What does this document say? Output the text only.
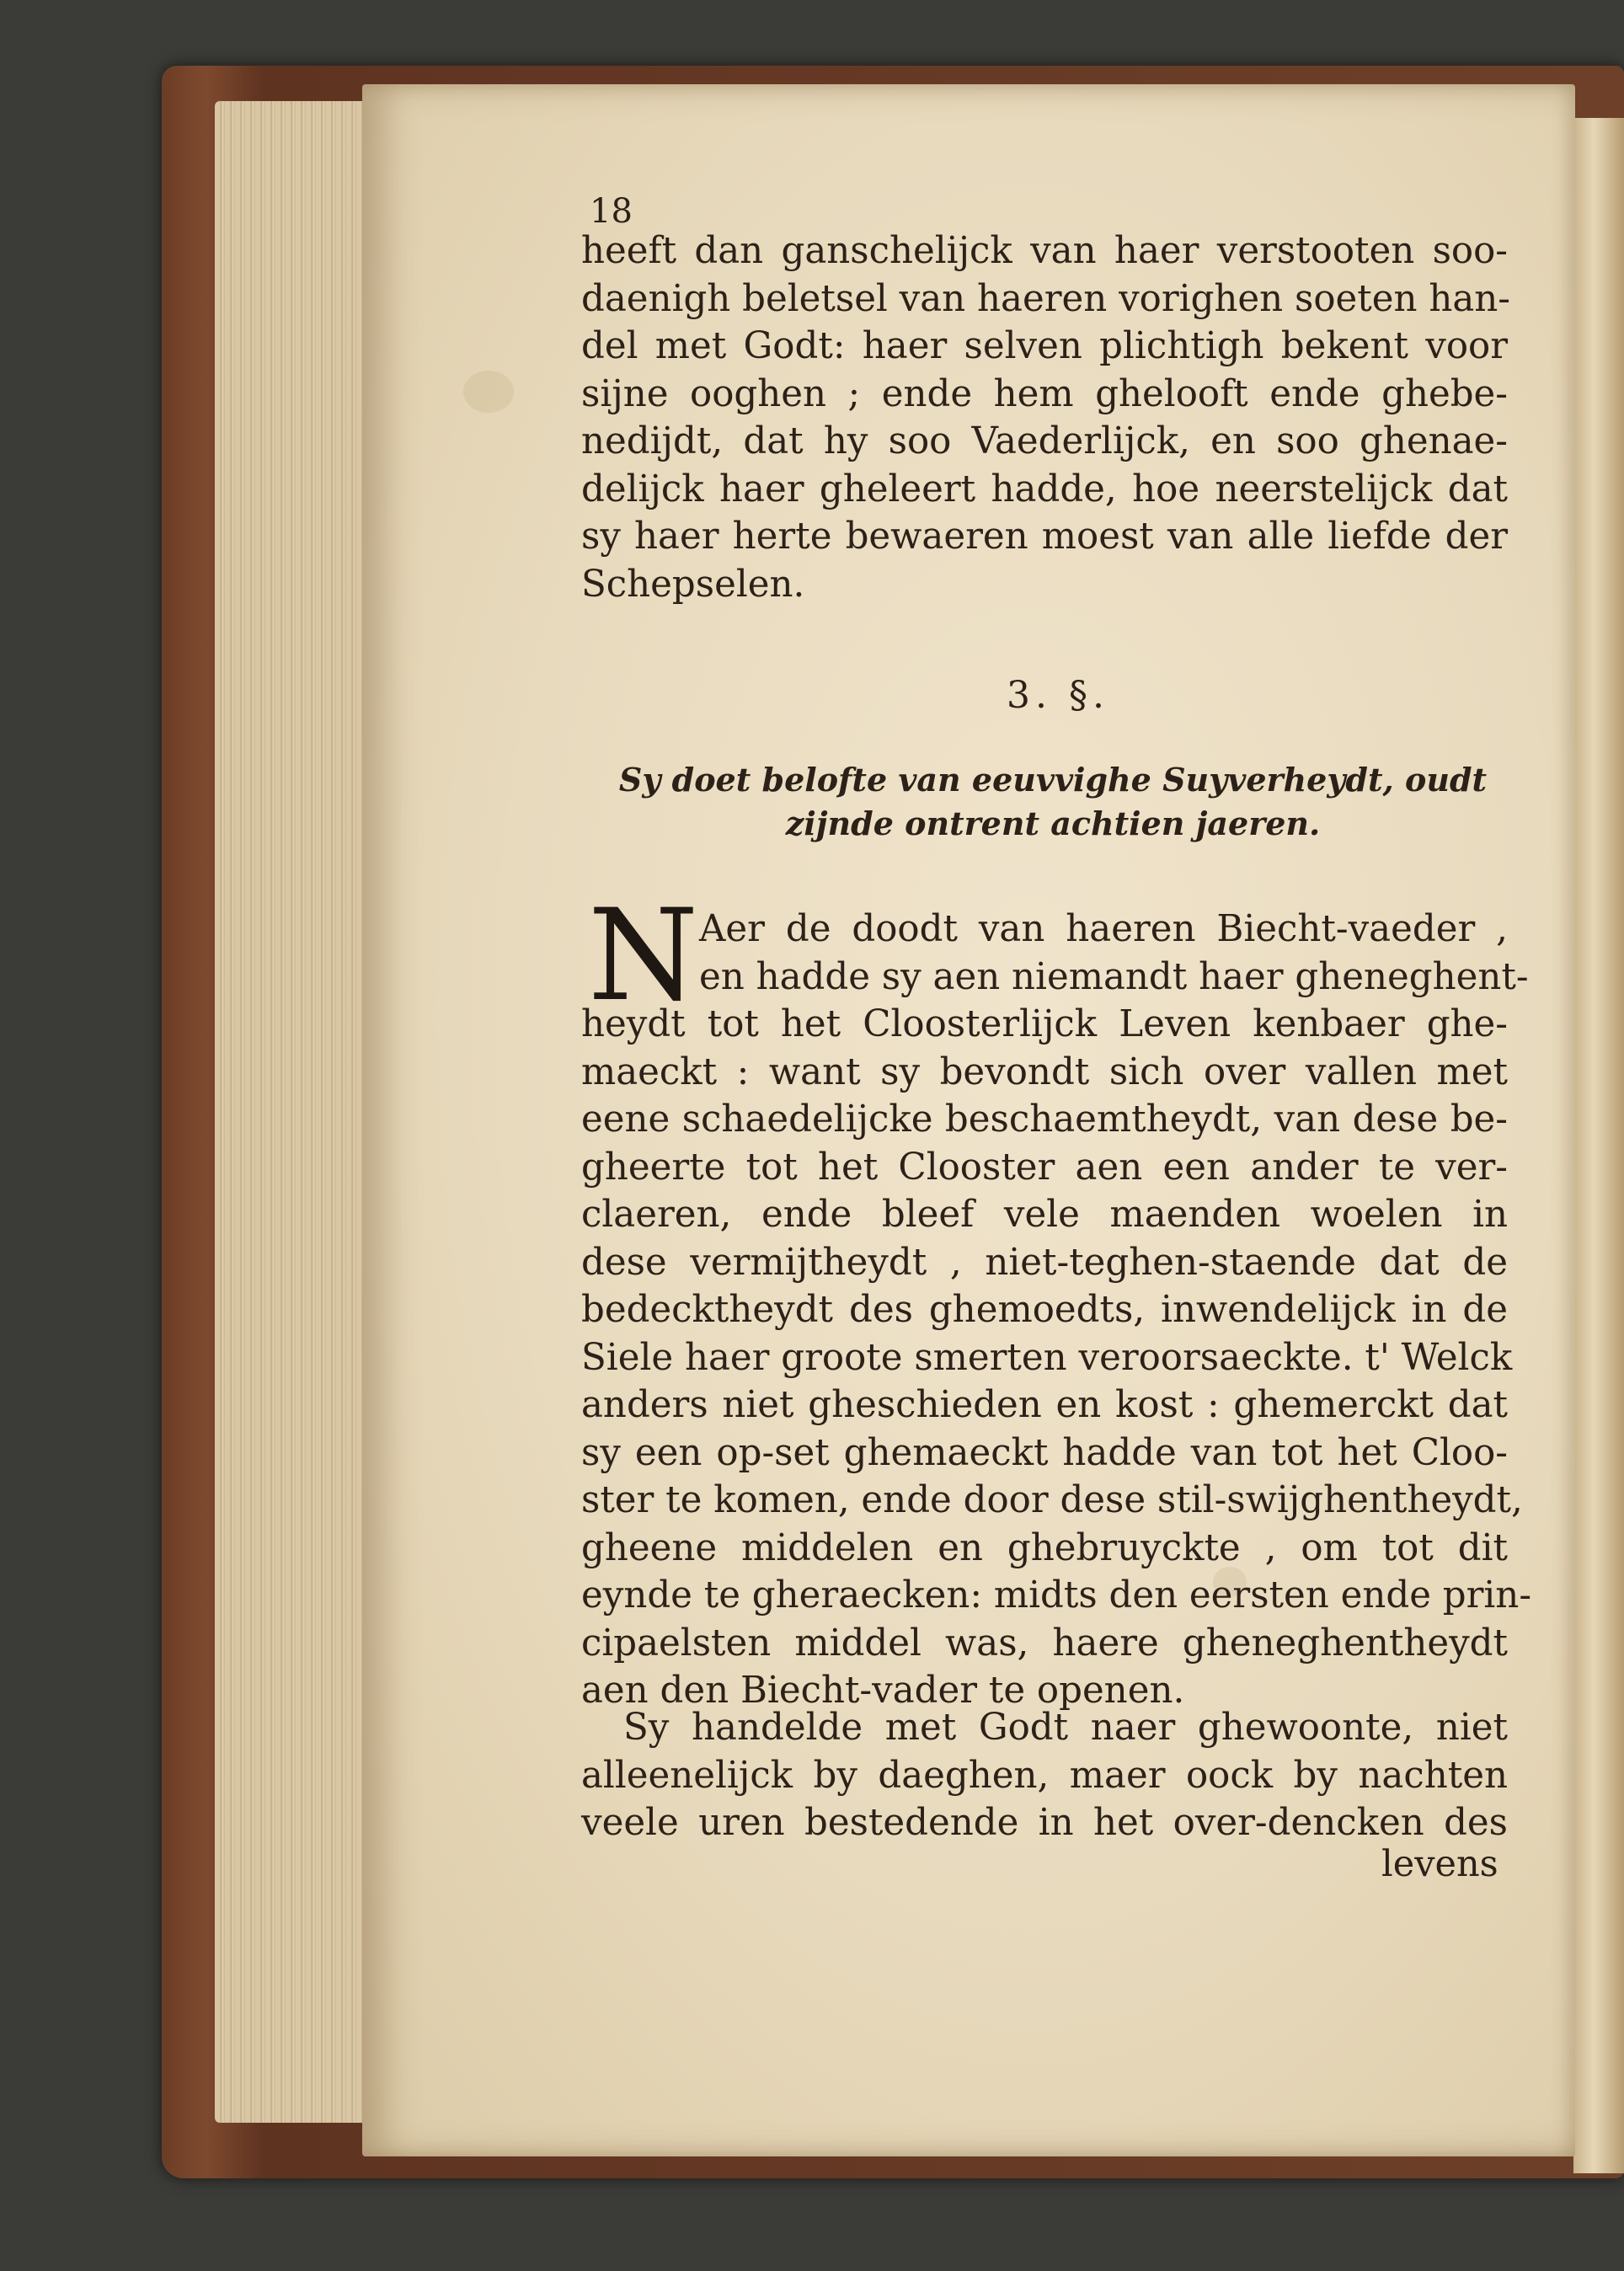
18
heeft dan ganschelijck van haer verstooten soo-
daenigh beletsel van haeren vorighen soeten han-
del met Godt: haer selven plichtigh bekent voor
sijne ooghen ; ende hem ghelooft ende ghebe-
nedijdt, dat hy soo Vaederlijck, en soo ghenae-
delijck haer gheleert hadde, hoe neerstelijck dat
sy haer herte bewaeren moest van alle liefde der
Schepselen.
3. §.
Sy doet belofte van eeuvvighe Suyverheydt, oudt
zijnde ontrent achtien jaeren.
N Aer de doodt van haeren Biecht-vaeder ,
en hadde sy aen niemandt haer gheneghent-
heydt tot het Cloosterlijck Leven kenbaer ghe-
maeckt : want sy bevondt sich over vallen met
eene schaedelijcke beschaemtheydt, van dese be-
gheerte tot het Clooster aen een ander te ver-
claeren, ende bleef vele maenden woelen in
dese vermijtheydt , niet-teghen-staende dat de
bedecktheydt des ghemoedts, inwendelijck in de
Siele haer groote smerten veroorsaeckte. t' Welck
anders niet gheschieden en kost : ghemerckt dat
sy een op-set ghemaeckt hadde van tot het Cloo-
ster te komen, ende door dese stil-swijghentheydt,
gheene middelen en ghebruyckte , om tot dit
eynde te gheraecken: midts den eersten ende prin-
cipaelsten middel was, haere gheneghentheydt
aen den Biecht-vader te openen.
Sy handelde met Godt naer ghewoonte, niet
alleenelijck by daeghen, maer oock by nachten
veele uren bestedende in het over-dencken des
levens
